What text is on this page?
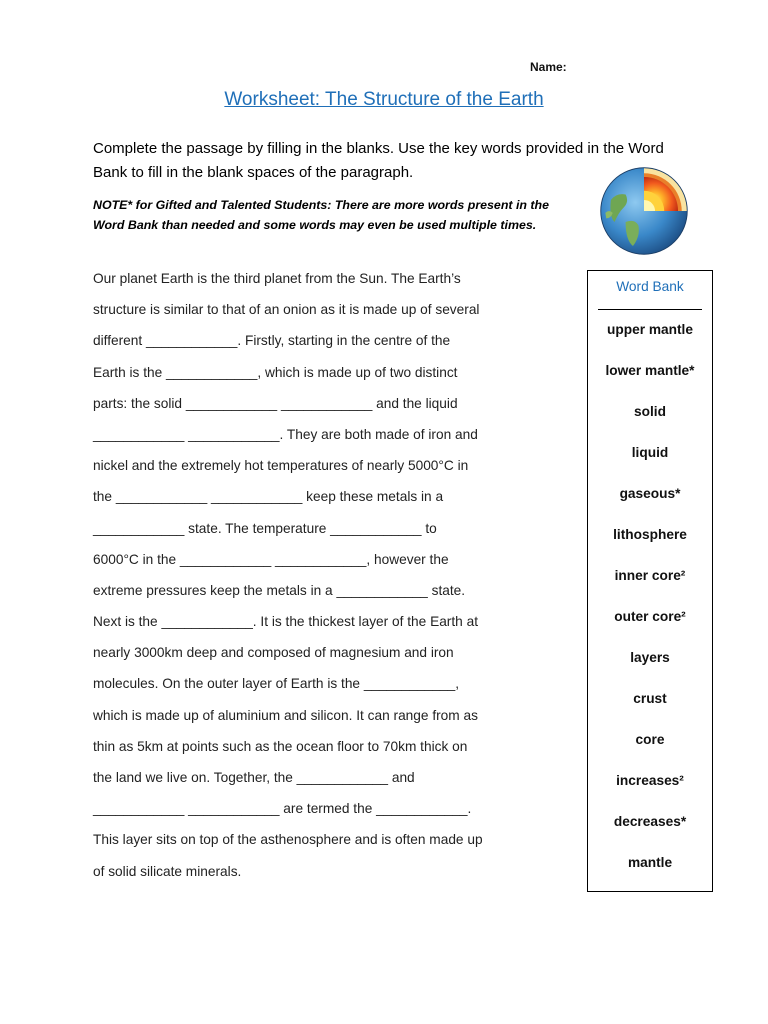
Name:
Worksheet: The Structure of the Earth
Complete the passage by filling in the blanks. Use the key words provided in the Word Bank to fill in the blank spaces of the paragraph.
NOTE* for Gifted and Talented Students: There are more words present in the Word Bank than needed and some words may even be used multiple times.
Our planet Earth is the third planet from the Sun. The Earth’s
structure is similar to that of an onion as it is made up of several
different ____________. Firstly, starting in the centre of the
Earth is the ____________, which is made up of two distinct
parts: the solid ____________ ____________ and the liquid
____________ ____________. They are both made of iron and
nickel and the extremely hot temperatures of nearly 5000°C in
the ____________ ____________ keep these metals in a
____________ state. The temperature ____________ to
6000°C in the ____________ ____________, however the
extreme pressures keep the metals in a ____________ state.
Next is the ____________. It is the thickest layer of the Earth at
nearly 3000km deep and composed of magnesium and iron
molecules. On the outer layer of Earth is the ____________,
which is made up of aluminium and silicon. It can range from as
thin as 5km at points such as the ocean floor to 70km thick on
the land we live on. Together, the ____________ and
____________ ____________ are termed the ____________.
This layer sits on top of the asthenosphere and is often made up
of solid silicate minerals.
Word Bank
upper mantle
lower mantle*
solid
liquid
gaseous*
lithosphere
inner core²
outer core²
layers
crust
core
increases²
decreases*
mantle
